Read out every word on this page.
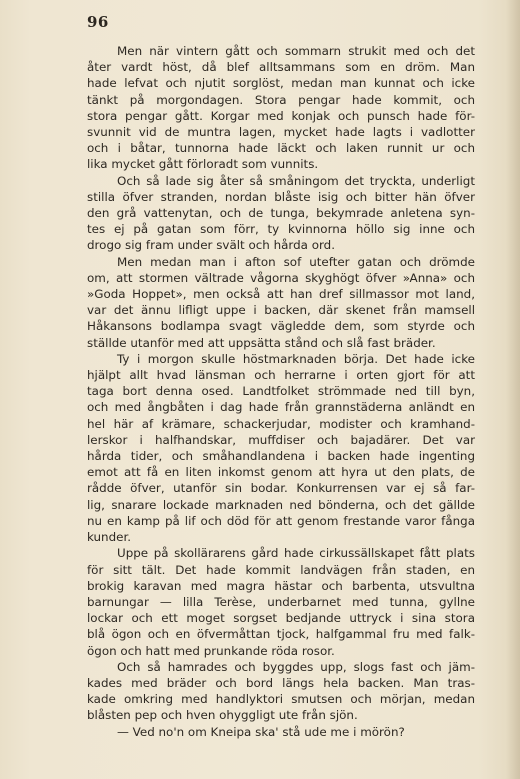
96

Men när vintern gått och sommarn strukit med och det

åter vardt höst, då blef alltsammans som en dröm. Man

hade lefvat och njutit sorglöst, medan man kunnat och icke

tänkt på morgondagen. Stora pengar hade kommit, och

stora pengar gått. Korgar med konjak och punsch hade för-

svunnit vid de muntra lagen, mycket hade lagts i vadlotter

och i båtar, tunnorna hade läckt och laken runnit ur och

lika mycket gått förloradt som vunnits.

Och så lade sig åter så småningom det tryckta, underligt

stilla öfver stranden, nordan blåste isig och bitter hän öfver

den grå vattenytan, och de tunga, bekymrade anletena syn-

tes ej på gatan som förr, ty kvinnorna höllo sig inne och

drogo sig fram under svält och hårda ord.

Men medan man i afton sof utefter gatan och drömde

om, att stormen vältrade vågorna skyghögt öfver »Anna» och

»Goda Hoppet», men också att han dref sillmassor mot land,

var det ännu lifligt uppe i backen, där skenet från mamsell

Håkansons bodlampa svagt vägledde dem, som styrde och

ställde utanför med att uppsätta stånd och slå fast bräder.

Ty i morgon skulle höstmarknaden börja. Det hade icke

hjälpt allt hvad länsman och herrarne i orten gjort för att

taga bort denna osed. Landtfolket strömmade ned till byn,

och med ångbåten i dag hade från grannstäderna anländt en

hel här af krämare, schackerjudar, modister och kramhand-

lerskor i halfhandskar, muffdiser och bajadärer. Det var

hårda tider, och småhandlandena i backen hade ingenting

emot att få en liten inkomst genom att hyra ut den plats, de

rådde öfver, utanför sin bodar. Konkurrensen var ej så far-

lig, snarare lockade marknaden ned bönderna, och det gällde

nu en kamp på lif och död för att genom frestande varor fånga

kunder.

Uppe på skollärarens gård hade cirkussällskapet fått plats

för sitt tält. Det hade kommit landvägen från staden, en

brokig karavan med magra hästar och barbenta, utsvultna

barnungar — lilla Terèse, underbarnet med tunna, gyllne

lockar och ett moget sorgset bedjande uttryck i sina stora

blå ögon och en öfvermåttan tjock, halfgammal fru med falk-

ögon och hatt med prunkande röda rosor.

Och så hamrades och byggdes upp, slogs fast och jäm-

kades med bräder och bord längs hela backen. Man tras-

kade omkring med handlyktori smutsen och mörjan, medan

blåsten pep och hven ohyggligt ute från sjön.

— Ved no'n om Kneipa ska' stå ude me i mörön?
